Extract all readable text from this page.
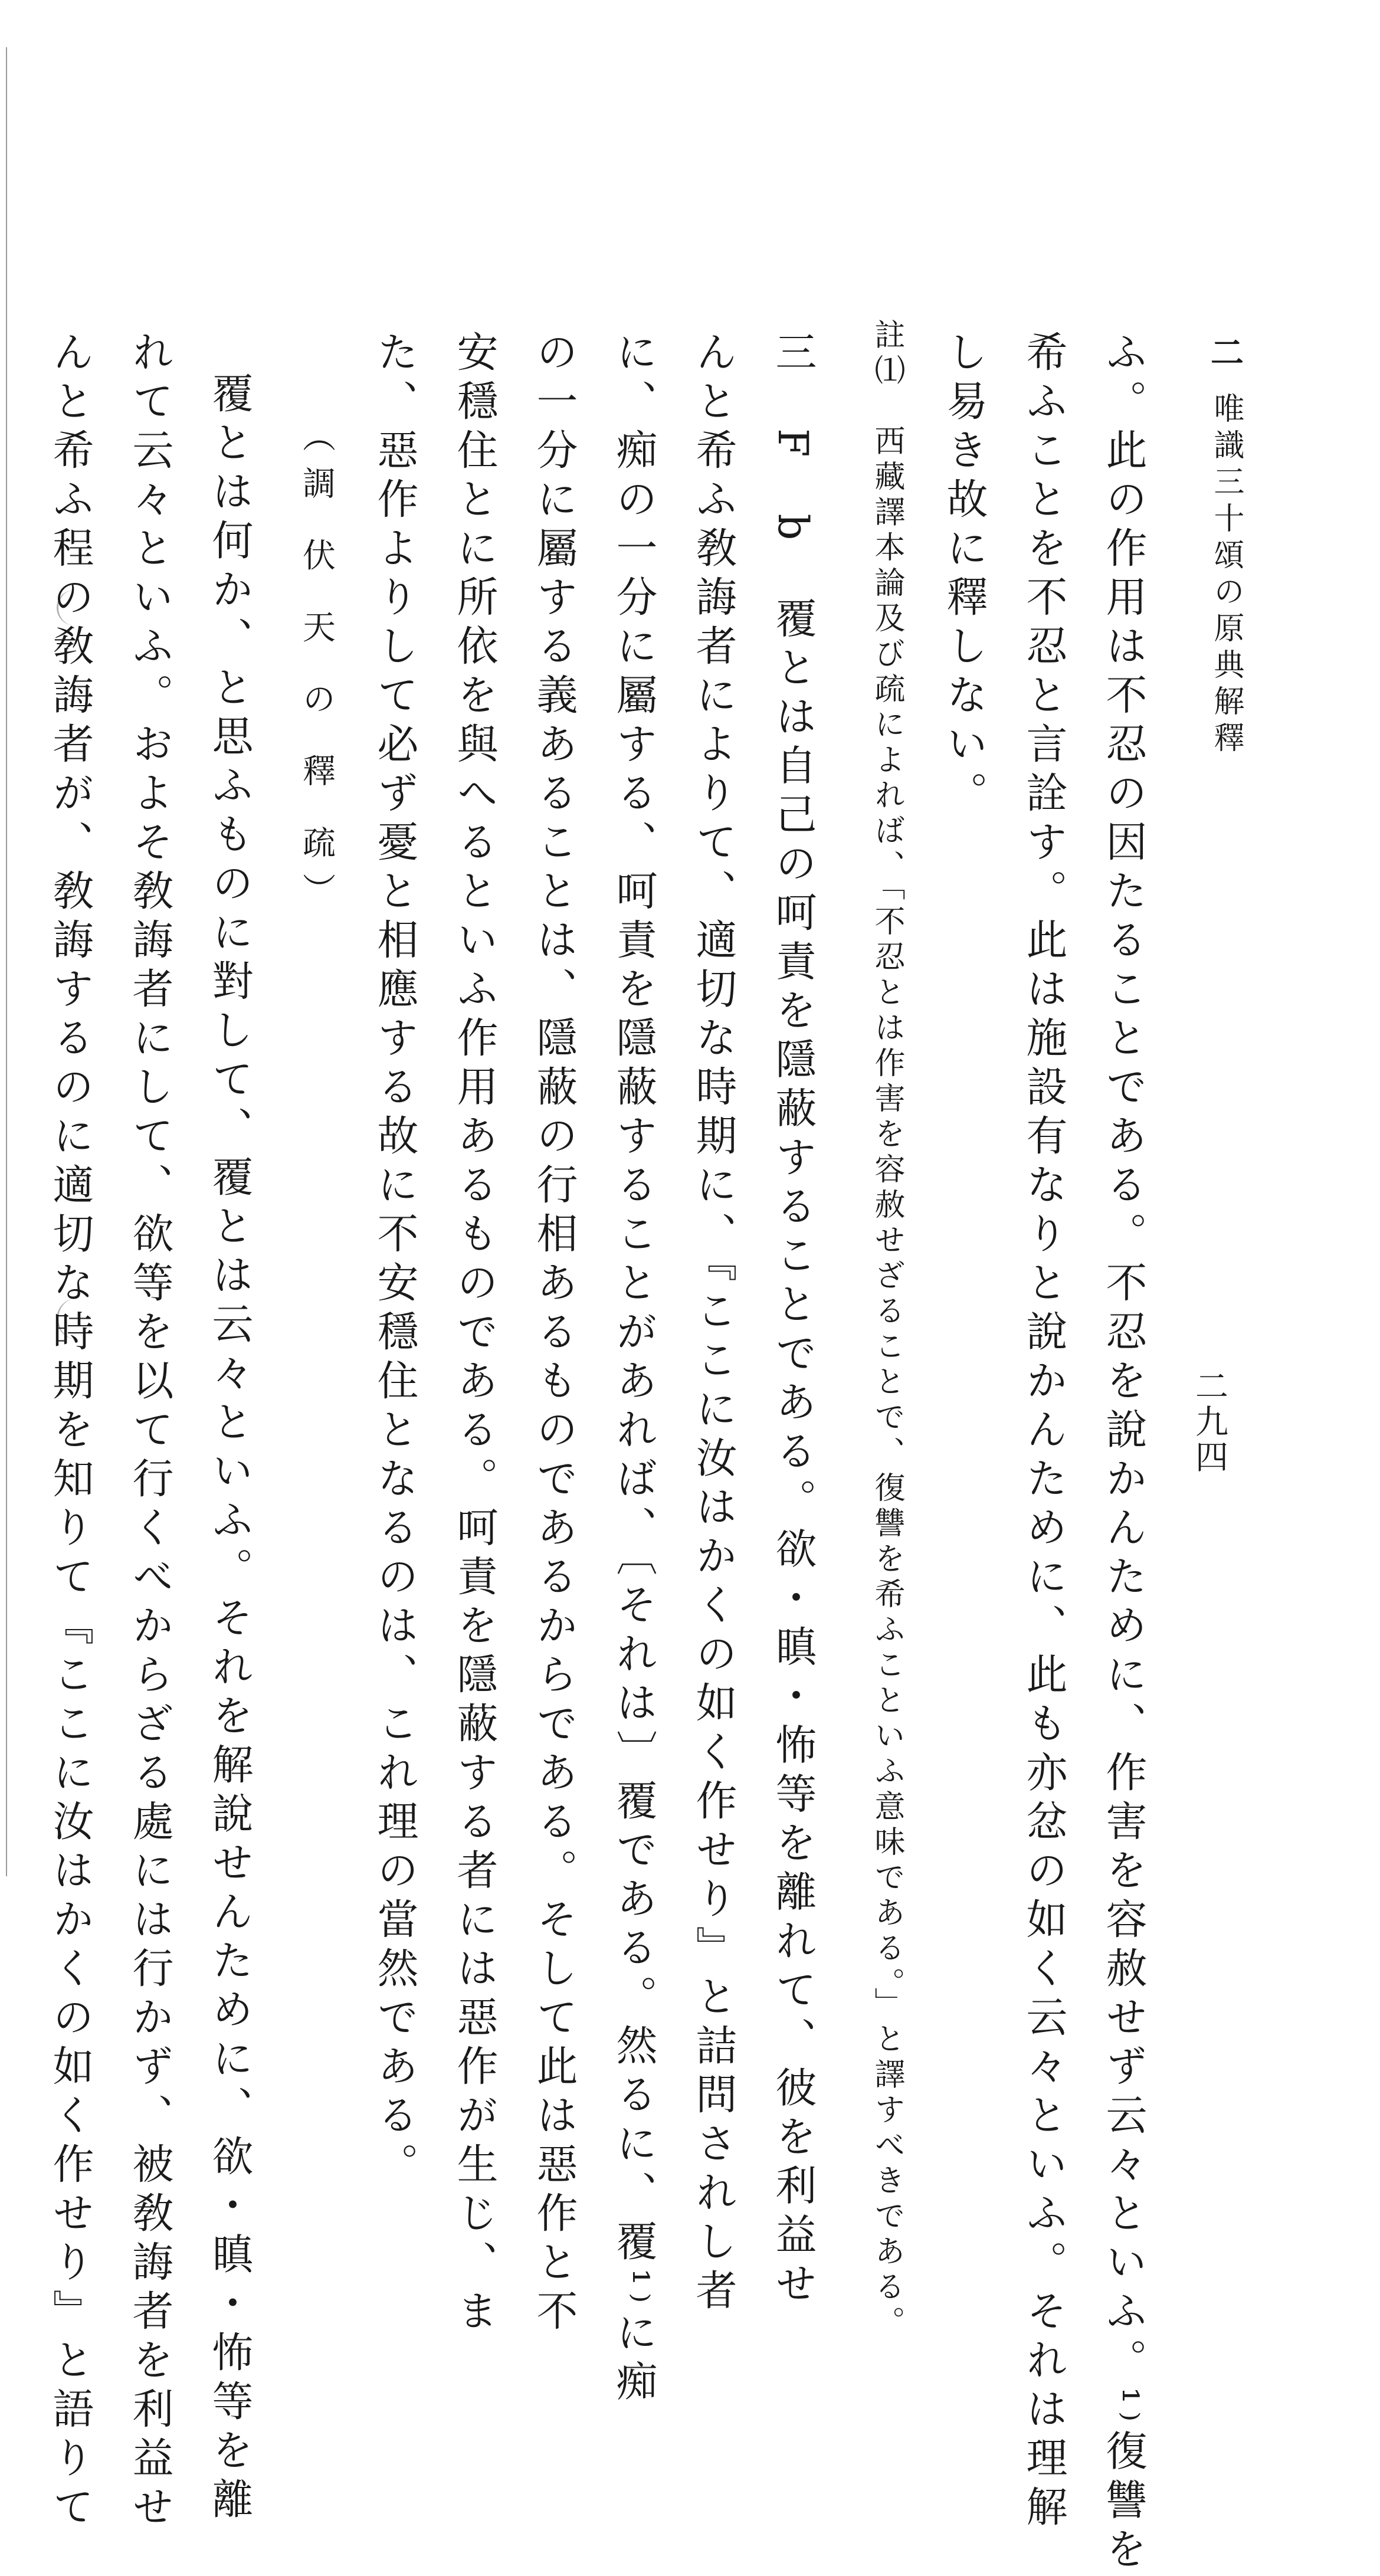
二
唯識三十頌の原典解釋
二九四
ふ。此の作用は不忍の因たることである。不忍を說かんために、作害を容赦せず云々といふ。¹⁾復讐を
希ふことを不忍と言詮す。此は施設有なりと說かんために、此も亦忿の如く云々といふ。それは理解
し易き故に釋しない。
註⑴　西藏譯本論及び疏によれば、「不忍とは作害を容赦せざることで、復讐を希ふこといふ意味である。」と譯すべきである。
三　F　b　覆とは自己の呵責を隱蔽することである。欲・瞋・怖等を離れて、彼を利益せ
んと希ふ敎誨者によりて、適切な時期に、『ここに汝はかくの如く作せり』と詰問されし者
に、痴の一分に屬する、呵責を隱蔽することがあれば、〔それは〕覆である。然るに、覆¹⁾に痴
の一分に屬する義あることは、隱蔽の行相あるものであるからである。そして此は惡作と不
安穩住とに所依を與へるといふ作用あるものである。呵責を隱蔽する者には惡作が生じ、ま
た、惡作よりして必ず憂と相應する故に不安穩住となるのは、これ理の當然である。
（調 伏 天 の 釋 疏）
覆とは何か、と思ふものに對して、覆とは云々といふ。それを解說せんために、欲・瞋・怖等を離
れて云々といふ。およそ敎誨者にして、欲等を以て行くべからざる處には行かず、被敎誨者を利益せ
んと希ふ程の敎誨者が、敎誨するのに適切な時期を知りて『ここに汝はかくの如く作せり』と語りて
